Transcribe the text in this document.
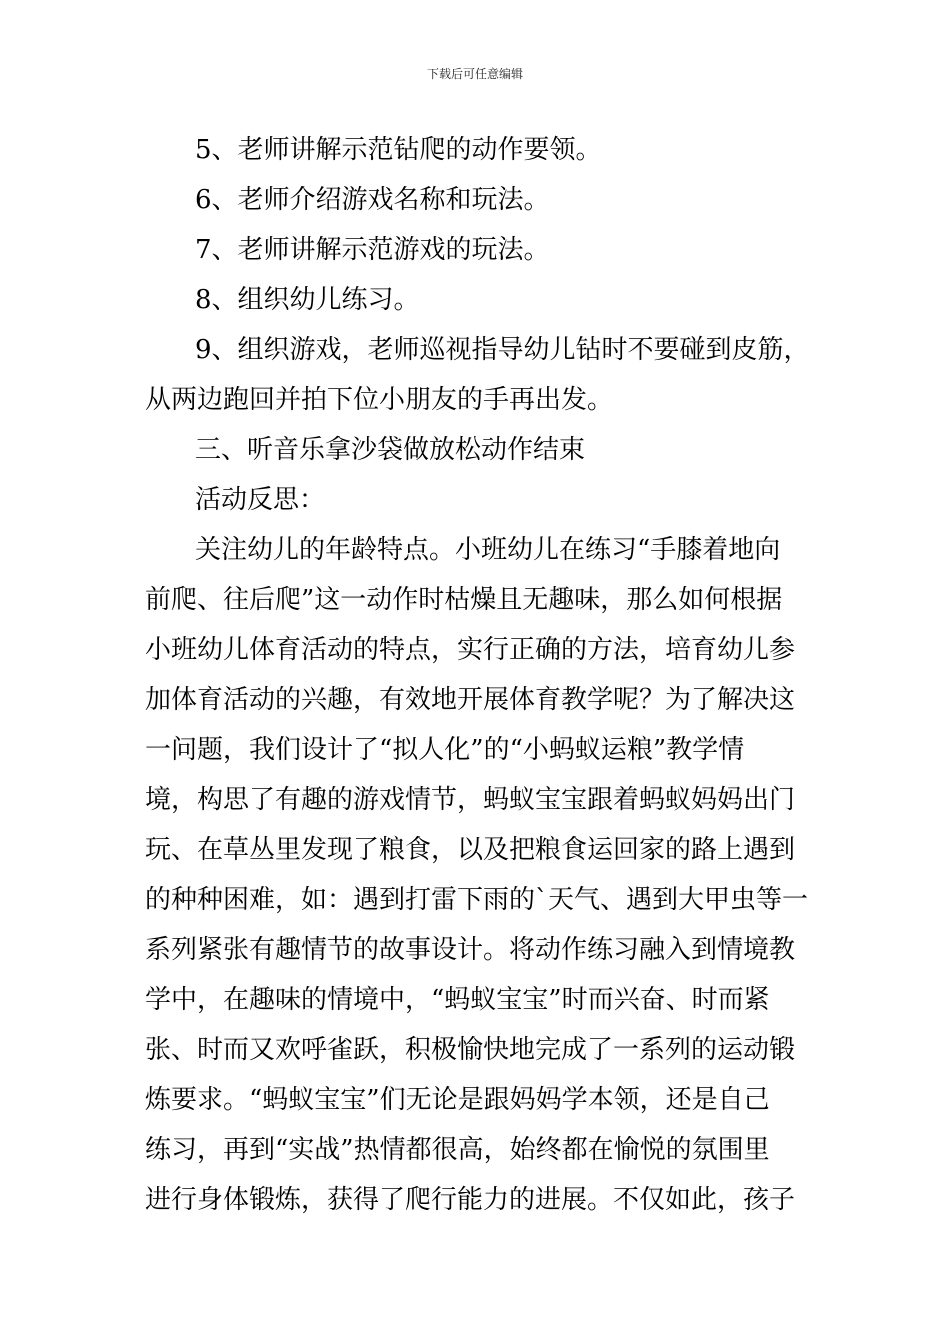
下载后可任意编辑
5、老师讲解示范钻爬的动作要领。
6、老师介绍游戏名称和玩法。
7、老师讲解示范游戏的玩法。
8、组织幼儿练习。
9、组织游戏，老师巡视指导幼儿钻时不要碰到皮筋，
从两边跑回并拍下位小朋友的手再出发。
三、听音乐拿沙袋做放松动作结束
活动反思：
关注幼儿的年龄特点。小班幼儿在练习“手膝着地向
前爬、往后爬”这一动作时枯燥且无趣味，那么如何根据
小班幼儿体育活动的特点，实行正确的方法，培育幼儿参
加体育活动的兴趣，有效地开展体育教学呢？为了解决这
一问题，我们设计了“拟人化”的“小蚂蚁运粮”教学情
境，构思了有趣的游戏情节，蚂蚁宝宝跟着蚂蚁妈妈出门
玩、在草丛里发现了粮食，以及把粮食运回家的路上遇到
的种种困难，如：遇到打雷下雨的`天气、遇到大甲虫等一
系列紧张有趣情节的故事设计。将动作练习融入到情境教
学中，在趣味的情境中，“蚂蚁宝宝”时而兴奋、时而紧
张、时而又欢呼雀跃，积极愉快地完成了一系列的运动锻
炼要求。“蚂蚁宝宝”们无论是跟妈妈学本领，还是自己
练习，再到“实战”热情都很高，始终都在愉悦的氛围里
进行身体锻炼，获得了爬行能力的进展。不仅如此，孩子
